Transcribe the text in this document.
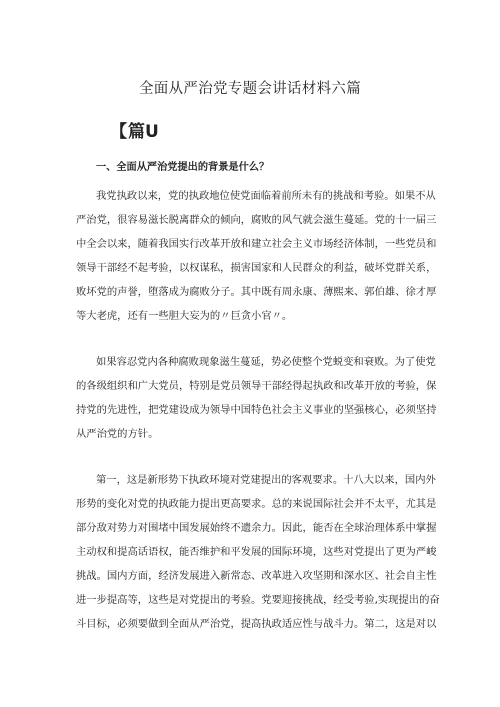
全面从严治党专题会讲话材料六篇
【篇U
一、全面从严治党提出的背景是什么？
我党执政以来，党的执政地位使党面临着前所未有的挑战和考验。如果不从
严治党，很容易滋长脱离群众的倾向，腐败的风气就会滋生蔓延。党的十一届三
中全会以来，随着我国实行改革开放和建立社会主义市场经济体制，一些党员和
领导干部经不起考验，以权谋私，损害国家和人民群众的利益，破坏党群关系，
败坏党的声誉，堕落成为腐败分子。其中既有周永康、薄熙来、郭伯雄、徐才厚
等大老虎，还有一些胆大妄为的〃巨贪小官〃。
如果容忍党内各种腐败现象滋生蔓延，势必使整个党蜕变和衰败。为了使党
的各级组织和广大党员，特别是党员领导干部经得起执政和改革开放的考验，保
持党的先进性，把党建设成为领导中国特色社会主义事业的坚强核心，必须坚持
从严治党的方针。
第一，这是新形势下执政环境对党建提出的客观要求。十八大以来，国内外
形势的变化对党的执政能力提出更高要求。总的来说国际社会并不太平，尤其是
部分敌对势力对围堵中国发展始终不遗余力。因此，能否在全球治理体系中掌握
主动权和提高话语权，能否维护和平发展的国际环境，这些对党提出了更为严峻
挑战。国内方面，经济发展进入新常态、改革进入攻坚期和深水区、社会自主性
进一步提高等，这些是对党提出的考验。党要迎接挑战，经受考验,实现提出的奋
斗目标，必须要做到全面从严治党，提高执政适应性与战斗力。第二，这是对以
